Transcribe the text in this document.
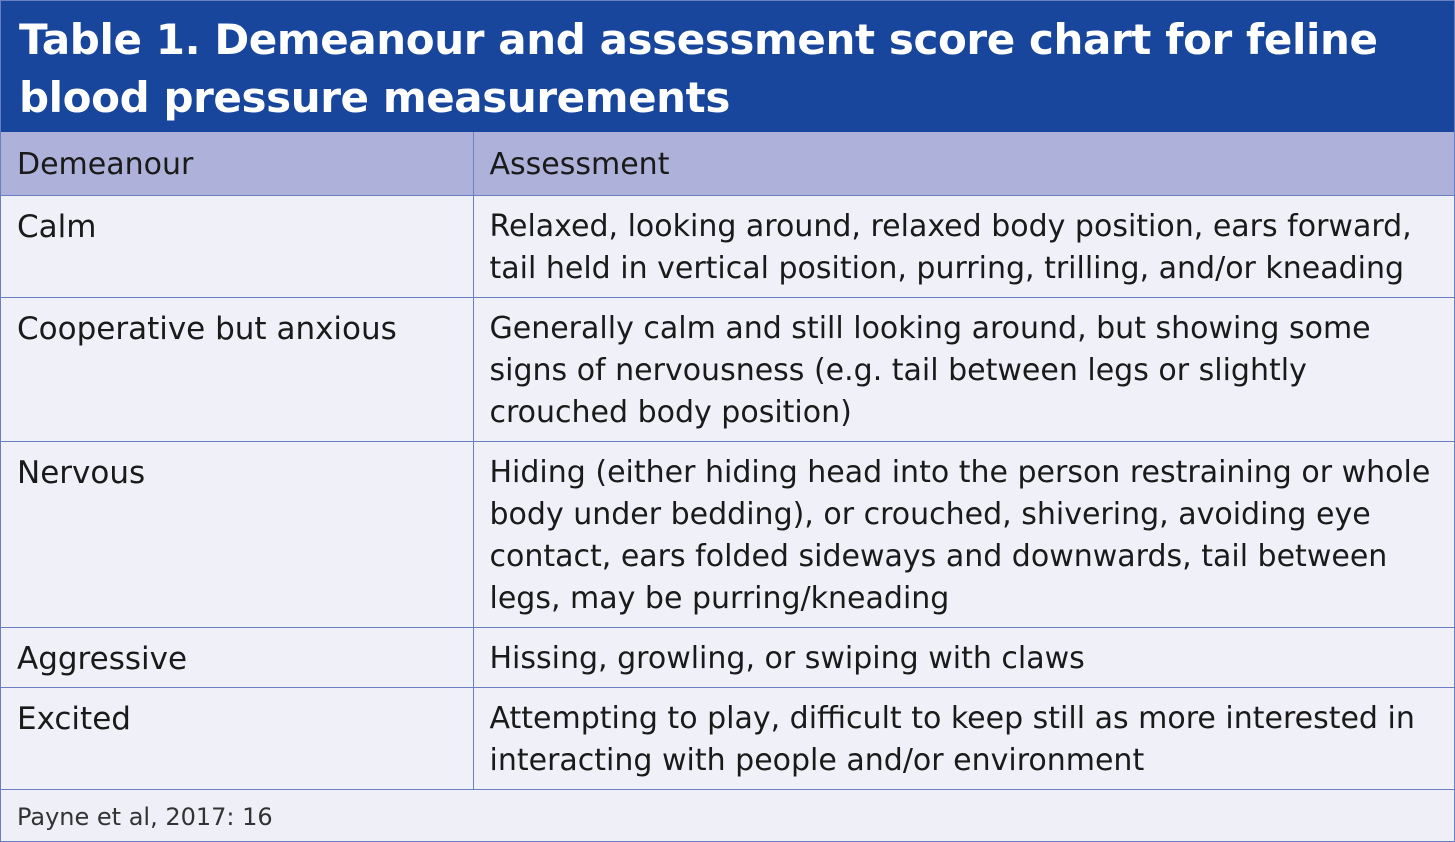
Table 1. Demeanour and assessment score chart for feline
blood pressure measurements

Demeanour	Assessment
Calm	Relaxed, looking around, relaxed body position, ears forward, tail held in vertical position, purring, trilling, and/or kneading
Cooperative but anxious	Generally calm and still looking around, but showing some signs of nervousness (e.g. tail between legs or slightly crouched body position)
Nervous	Hiding (either hiding head into the person restraining or whole body under bedding), or crouched, shivering, avoiding eye contact, ears folded sideways and downwards, tail between legs, may be purring/kneading
Aggressive	Hissing, growling, or swiping with claws
Excited	Attempting to play, difficult to keep still as more interested in interacting with people and/or environment
Payne et al, 2017: 16
